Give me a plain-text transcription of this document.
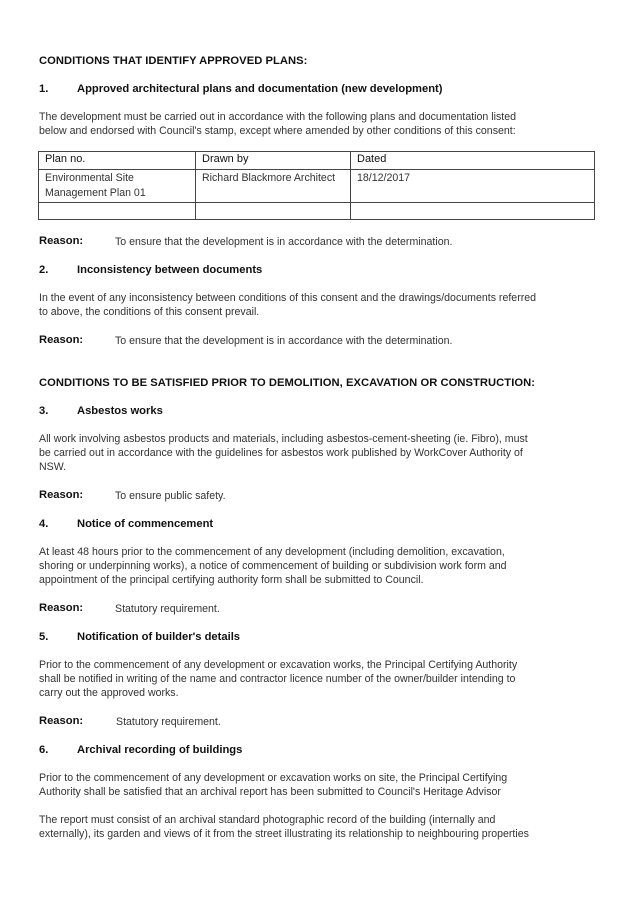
CONDITIONS THAT IDENTIFY APPROVED PLANS:
1.	Approved architectural plans and documentation (new development)
The development must be carried out in accordance with the following plans and documentation listed
below and endorsed with Council's stamp, except where amended by other conditions of this consent:
Plan no.	Drawn by	Dated
Environmental Site Management Plan 01	Richard Blackmore Architect	18/12/2017

Reason:	To ensure that the development is in accordance with the determination.
2.	Inconsistency between documents
In the event of any inconsistency between conditions of this consent and the drawings/documents referred
to above, the conditions of this consent prevail.
Reason:	To ensure that the development is in accordance with the determination.
CONDITIONS TO BE SATISFIED PRIOR TO DEMOLITION, EXCAVATION OR CONSTRUCTION:
3.	Asbestos works
All work involving asbestos products and materials, including asbestos-cement-sheeting (ie. Fibro), must
be carried out in accordance with the guidelines for asbestos work published by WorkCover Authority of
NSW.
Reason:	To ensure public safety.
4.	Notice of commencement
At least 48 hours prior to the commencement of any development (including demolition, excavation,
shoring or underpinning works), a notice of commencement of building or subdivision work form and
appointment of the principal certifying authority form shall be submitted to Council.
Reason:	Statutory requirement.
5.	Notification of builder's details
Prior to the commencement of any development or excavation works, the Principal Certifying Authority
shall be notified in writing of the name and contractor licence number of the owner/builder intending to
carry out the approved works.
Reason:	Statutory requirement.
6.	Archival recording of buildings
Prior to the commencement of any development or excavation works on site, the Principal Certifying
Authority shall be satisfied that an archival report has been submitted to Council's Heritage Advisor
The report must consist of an archival standard photographic record of the building (internally and
externally), its garden and views of it from the street illustrating its relationship to neighbouring properties
